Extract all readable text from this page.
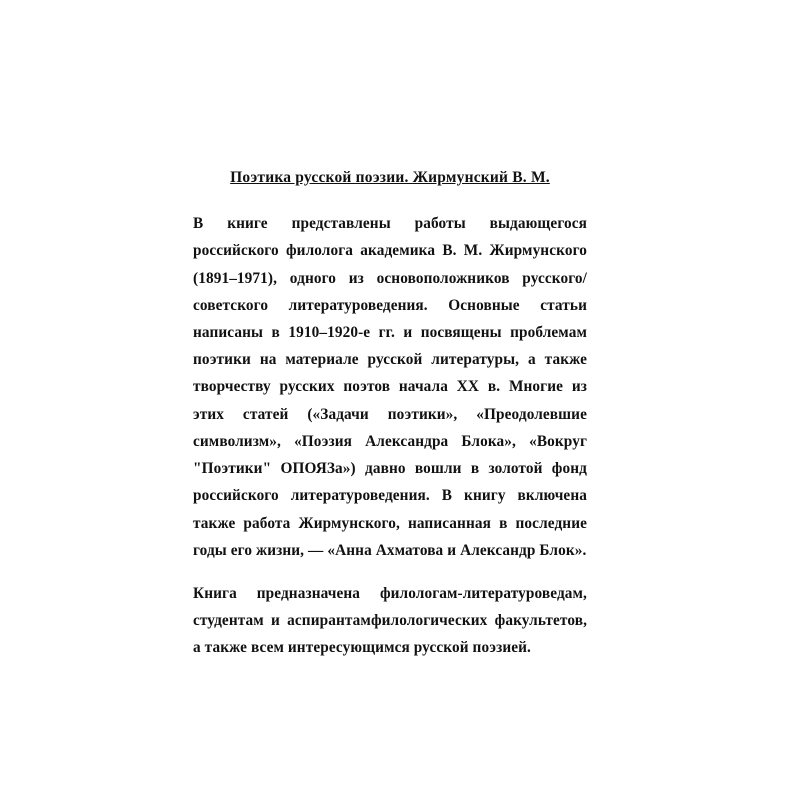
Поэтика русской поэзии. Жирмунский В. М.

В книге представлены работы выдающегося российского филолога академика В. М. Жирмунского (1891–1971), одного из основоположников русского/советского литературоведения. Основные статьи написаны в 1910–1920-е гг. и посвящены проблемам поэтики на материале русской литературы, а также творчеству русских поэтов начала XX в. Многие из этих статей («Задачи поэтики», «Преодолевшие символизм», «Поэзия Александра Блока», «Вокруг "Поэтики" ОПОЯЗа») давно вошли в золотой фонд российского литературоведения. В книгу включена также работа Жирмунского, написанная в последние годы его жизни, — «Анна Ахматова и Александр Блок».

Книга предназначена филологам-литературоведам, студентам и аспирантамфилологических факультетов, а также всем интересующимся русской поэзией.
